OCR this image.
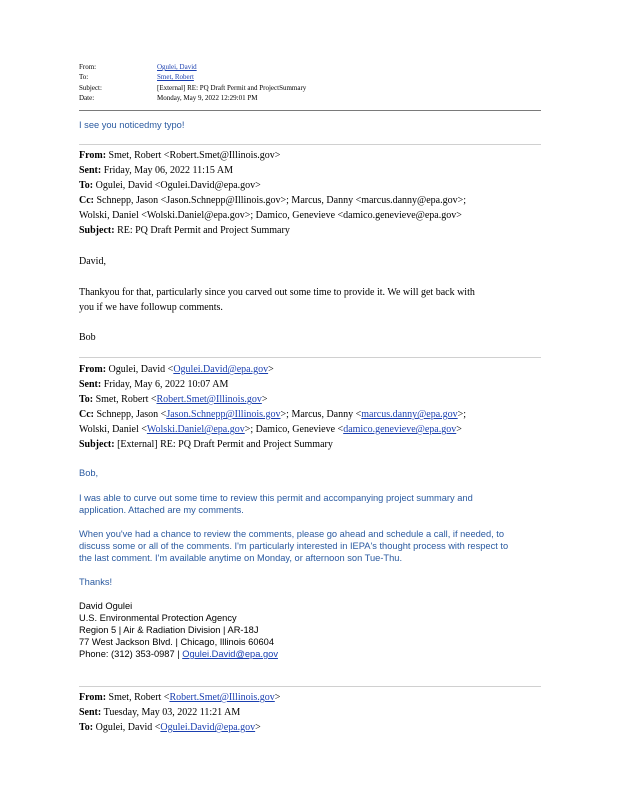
From:	Ogulei, David
To:	Smet, Robert
Subject:	[External] RE: PQ Draft Permit and ProjectSummary
Date:	Monday, May 9, 2022 12:29:01 PM
I see you noticedmy typo!
From: Smet, Robert <Robert.Smet@Illinois.gov>
Sent: Friday, May 06, 2022 11:15 AM
To: Ogulei, David <Ogulei.David@epa.gov>
Cc: Schnepp, Jason <Jason.Schnepp@Illinois.gov>; Marcus, Danny <marcus.danny@epa.gov>;
Wolski, Daniel <Wolski.Daniel@epa.gov>; Damico, Genevieve <damico.genevieve@epa.gov>
Subject: RE: PQ Draft Permit and Project Summary
David,
Thankyou for that, particularly since you carved out some time to provide it. We will get back with
you if we have followup comments.
Bob
From: Ogulei, David <Ogulei.David@epa.gov>
Sent: Friday, May 6, 2022 10:07 AM
To: Smet, Robert <Robert.Smet@Illinois.gov>
Cc: Schnepp, Jason <Jason.Schnepp@Illinois.gov>; Marcus, Danny <marcus.danny@epa.gov>;
Wolski, Daniel <Wolski.Daniel@epa.gov>; Damico, Genevieve <damico.genevieve@epa.gov>
Subject: [External] RE: PQ Draft Permit and Project Summary
Bob,
I was able to curve out some time to review this permit and accompanying project summary and
application. Attached are my comments.
When you've had a chance to review the comments, please go ahead and schedule a call, if needed, to
discuss some or all of the comments. I'm particularly interested in IEPA's thought process with respect to
the last comment. I'm available anytime on Monday, or afternoon son Tue-Thu.
Thanks!
David Ogulei
U.S. Environmental Protection Agency
Region 5 | Air & Radiation Division | AR-18J
77 West Jackson Blvd. | Chicago, Illinois 60604
Phone: (312) 353-0987 | Ogulei.David@epa.gov
From: Smet, Robert <Robert.Smet@Illinois.gov>
Sent: Tuesday, May 03, 2022 11:21 AM
To: Ogulei, David <Ogulei.David@epa.gov>
